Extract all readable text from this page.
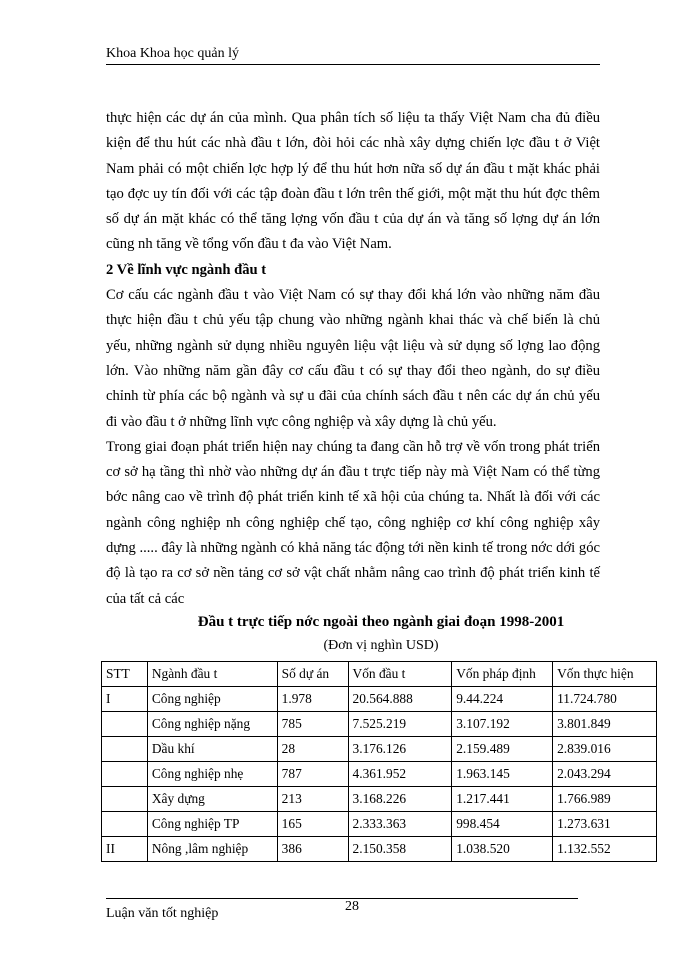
Khoa Khoa học quản lý

thực hiện các dự án của mình. Qua phân tích số liệu ta thấy Việt Nam cha đủ điều kiện để thu hút các nhà đầu t lớn, đòi hỏi các nhà xây dựng chiến lợc đầu t ở Việt Nam phải có một chiến lợc hợp lý để thu hút hơn nữa số dự án đầu t mặt khác phải tạo đợc uy tín đối với các tập đoàn đầu t lớn trên thế giới, một mặt thu hút đợc thêm số dự án mặt khác có thể tăng lợng vốn đầu t của dự án và tăng số lợng dự án lớn cũng nh tăng về tổng vốn đầu t đa vào Việt Nam.

2 Về lĩnh vực ngành đầu t

Cơ cấu các ngành đầu t vào Việt Nam có sự thay đổi khá lớn vào những năm đầu thực hiện đầu t chủ yếu tập chung vào những ngành khai thác và chế biến là chủ yếu, những ngành sử dụng nhiều nguyên liệu vật liệu và sử dụng số lợng lao động lớn. Vào những năm gần đây cơ cấu đầu t có sự thay đổi theo ngành, do sự điều chỉnh từ phía các bộ ngành và sự u đãi của chính sách đầu t nên các dự án chủ yếu đi vào đầu t ở những lĩnh vực công nghiệp và xây dựng là chủ yếu.

Trong giai đoạn phát triển hiện nay chúng ta đang cần hỗ trợ về vốn trong phát triển cơ sở hạ tầng thì nhờ vào những dự án đầu t trực tiếp này mà Việt Nam có thể từng bớc nâng cao về trình độ phát triển kinh tế xã hội của chúng ta. Nhất là đối với các ngành công nghiệp nh công nghiệp chế tạo, công nghiệp cơ khí công nghiệp xây dựng ..... đây là những ngành có khả năng tác động tới nền kinh tế trong nớc dới góc độ là tạo ra cơ sở nền tảng cơ sở vật chất nhằm nâng cao trình độ phát triển kinh tế của tất cả các

Đầu t trực tiếp nớc ngoài theo ngành giai đoạn 1998-2001
(Đơn vị nghìn USD)
STT	Ngành đầu t	Số dự án	Vốn đầu t	Vốn pháp định	Vốn thực hiện
I	Công nghiệp	1.978	20.564.888	9.44.224	11.724.780
	Công nghiệp nặng	785	7.525.219	3.107.192	3.801.849
	Dầu khí	28	3.176.126	2.159.489	2.839.016
	Công nghiệp nhẹ	787	4.361.952	1.963.145	2.043.294
	Xây dựng	213	3.168.226	1.217.441	1.766.989
	Công nghiệp TP	165	2.333.363	998.454	1.273.631
II	Nông ,lâm nghiệp	386	2.150.358	1.038.520	1.132.552
Luận văn tốt nghiệp	28
